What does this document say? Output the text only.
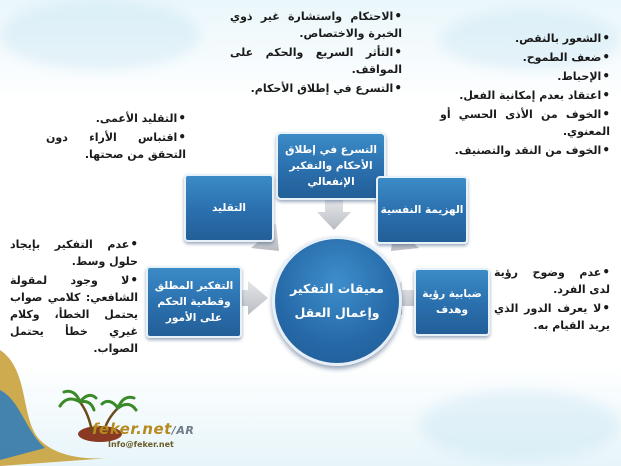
التسرع في إطلاق
الأحكام والتفكير
الإنفعالي
التقليد	الهزيمة النفسية
التفكير المطلق
وقطعية الحكم
على الأمور
ضبابية رؤية
وهدف
معيقات التفكير
وإعمال العقل
• الاحتكام واستشارة غير ذوي الخبرة والاختصاص.
• التأثر السريع والحكم على المواقف.
• التسرع في إطلاق الأحكام.
• الشعور بالنقص.
• ضعف الطموح.
• الإحباط.
• اعتقاد بعدم إمكانية الفعل.
• الخوف من الأذى الحسي أو المعنوي.
• الخوف من النقد والتصنيف.
• التقليد الأعمى.
• اقتباس الأراء دون التحقق من صحتها.
• عدم التفكير بإيجاد حلول وسط.
• لا وجود لمقولة الشافعي: كلامي صواب يحتمل الخطأ، وكلام غيري خطأ يحتمل الصواب.
• عدم وضوح رؤية لدى الفرد.
• لا يعرف الدور الذي يريد القيام به.
feker.net/AR
Info@feker.net
